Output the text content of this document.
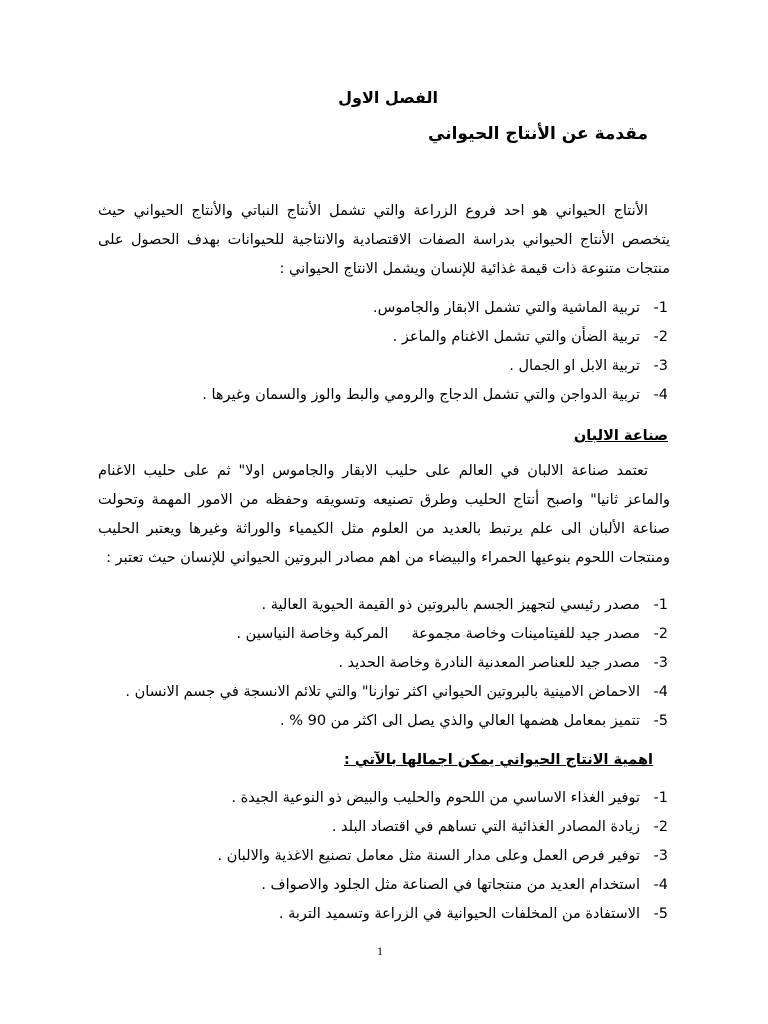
الفصل الاول
مقدمة عن الأنتاج الحيواني
الأنتاج الحيواني هو احد فروع الزراعة والتي تشمل الأنتاج النباتي والأنتاج الحيواني حيث
يتخصص الأنتاج الحيواني بدراسة الصفات الاقتصادية والانتاجية للحيوانات بهدف الحصول على
منتجات متنوعة ذات قيمة غذائية للإنسان ويشمل الانتاج الحيواني :
-1
تربية الماشية والتي تشمل الابقار والجاموس.
-2
تربية الضأن والتي تشمل الاغنام والماعز .
-3
تربية الابل او الجمال .
-4
تربية الدواجن والتي تشمل الدجاج والرومي والبط والوز والسمان وغيرها .
صناعة الالبان
تعتمد صناعة الالبان في العالم على حليب الابقار والجاموس اولا" ثم على حليب الاغنام
والماعز ثانيا" واصبح أنتاج الحليب وطرق تصنيعه وتسويقه وحفظه من الامور المهمة وتحولت
صناعة الألبان الى علم يرتبط بالعديد من العلوم مثل الكيمياء والوراثة وغيرها ويعتبر الحليب
ومنتجات اللحوم بنوعيها الحمراء والبيضاء من اهم مصادر البروتين الحيواني للإنسان حيث تعتبر :
-1
مصدر رئيسي لتجهيز الجسم بالبروتين ذو القيمة الحيوية العالية .
-2
مصدر جيد للفيتامينات وخاصة مجموعة     المركبة وخاصة النياسين .
-3
مصدر جيد للعناصر المعدنية النادرة وخاصة الحديد .
-4
الاحماض الامينية بالبروتين الحيواني اكثر توازنا" والتي تلائم الانسجة في جسم الانسان .
-5
تتميز بمعامل هضمها العالي والذي يصل الى اكثر من 90 % .
اهمية الانتاج الحيواني يمكن اجمالها بالآتي :
-1
توفير الغذاء الاساسي من اللحوم والحليب والبيض ذو النوعية الجيدة .
-2
زيادة المصادر الغذائية التي تساهم في اقتصاد البلد .
-3
توفير فرص العمل وعلى مدار السنة مثل معامل تصنيع الاغذية والالبان .
-4
استخدام العديد من منتجاتها في الصناعة مثل الجلود والاصواف .
-5
الاستفادة من المخلفات الحيوانية في الزراعة وتسميد التربة .
1
